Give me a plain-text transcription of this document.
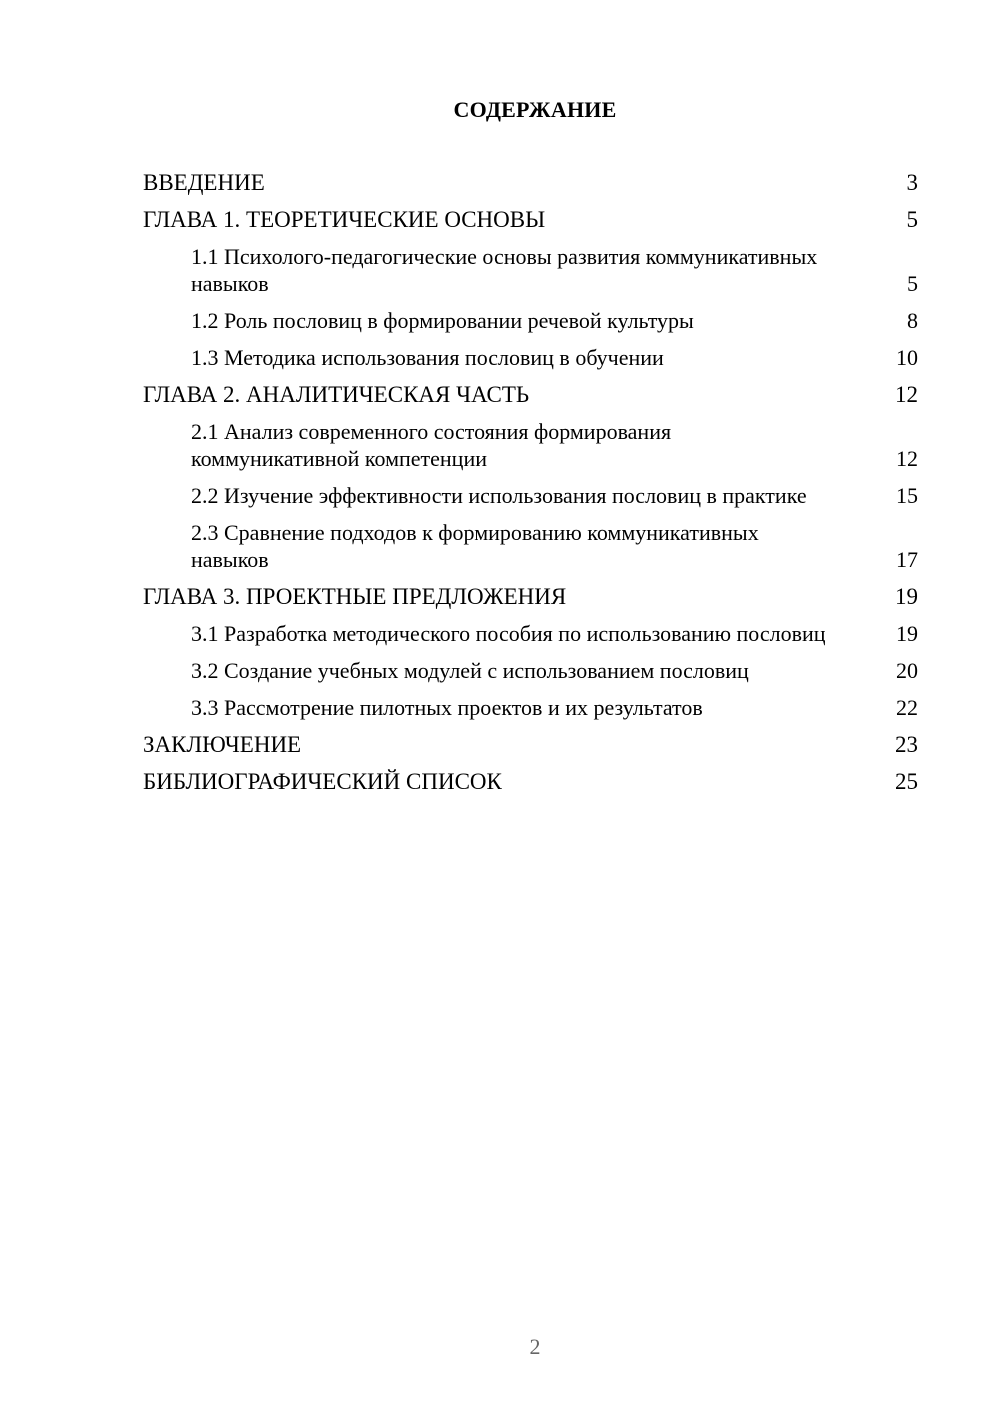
СОДЕРЖАНИЕ
ВВЕДЕНИЕ	3
ГЛАВА 1. ТЕОРЕТИЧЕСКИЕ ОСНОВЫ	5
1.1 Психолого-педагогические основы развития коммуникативных навыков	5
1.2 Роль пословиц в формировании речевой культуры	8
1.3 Методика использования пословиц в обучении	10
ГЛАВА 2. АНАЛИТИЧЕСКАЯ ЧАСТЬ	12
2.1 Анализ современного состояния формирования коммуникативной компетенции	12
2.2 Изучение эффективности использования пословиц в практике	15
2.3 Сравнение подходов к формированию коммуникативных навыков	17
ГЛАВА 3. ПРОЕКТНЫЕ ПРЕДЛОЖЕНИЯ	19
3.1 Разработка методического пособия по использованию пословиц	19
3.2 Создание учебных модулей с использованием пословиц	20
3.3 Рассмотрение пилотных проектов и их результатов	22
ЗАКЛЮЧЕНИЕ	23
БИБЛИОГРАФИЧЕСКИЙ СПИСОК	25
2
